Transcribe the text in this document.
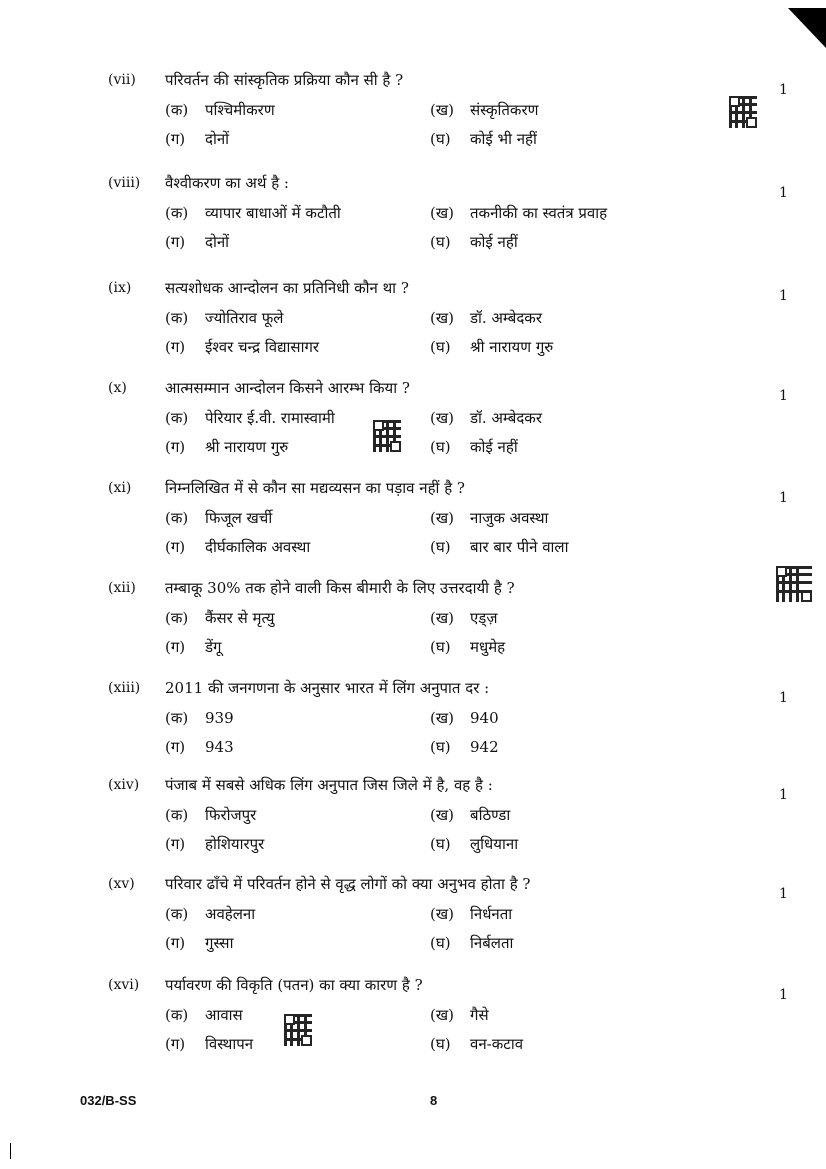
(vii) परिवर्तन की सांस्कृतिक प्रक्रिया कौन सी है ?
(क) पश्चिमीकरण	(ख) संस्कृतिकरण
(ग) दोनों	(घ) कोई भी नहीं
1
(viii) वैश्वीकरण का अर्थ है :
(क) व्यापार बाधाओं में कटौती	(ख) तकनीकी का स्वतंत्र प्रवाह
(ग) दोनों	(घ) कोई नहीं
1
(ix) सत्यशोधक आन्दोलन का प्रतिनिधी कौन था ?
(क) ज्योतिराव फूले	(ख) डॉ. अम्बेदकर
(ग) ईश्वर चन्द्र विद्यासागर	(घ) श्री नारायण गुरु
1
(x)	आत्मसम्मान आन्दोलन किसने आरम्भ किया ?
(क) पेरियार ई.वी. रामास्वामी	(ख) डॉ. अम्बेदकर
(ग) श्री नारायण गुरु	(घ) कोई नहीं
1
(xi) निम्नलिखित में से कौन सा मद्यव्यसन का पड़ाव नहीं है ?
(क) फिजूल खर्ची	(ख) नाजुक अवस्था
(ग) दीर्घकालिक अवस्था	(घ) बार बार पीने वाला
1
(xii) तम्बाकू 30% तक होने वाली किस बीमारी के लिए उत्तरदायी है ?
(क) कैंसर से मृत्यु	(ख) एड्ज़
(ग) डेंगू	(घ) मधुमेह
(xiii) 2011 की जनगणना के अनुसार भारत में लिंग अनुपात दर :
(क) 939	(ख) 940
(ग) 943	(घ) 942
1
(xiv) पंजाब में सबसे अधिक लिंग अनुपात जिस जिले में है, वह है :
(क) फिरोजपुर	(ख) बठिण्डा
(ग) होशियारपुर	(घ) लुधियाना
1
(xv) परिवार ढाँचे में परिवर्तन होने से वृद्ध लोगों को क्या अनुभव होता है ?
(क) अवहेलना	(ख) निर्धनता
(ग) गुस्सा	(घ) निर्बलता
1
(xvi) पर्यावरण की विकृति (पतन) का क्या कारण है ?
(क) आवास	(ख) गैसे
(ग) विस्थापन	(घ) वन-कटाव
1
032/B-SS	8
